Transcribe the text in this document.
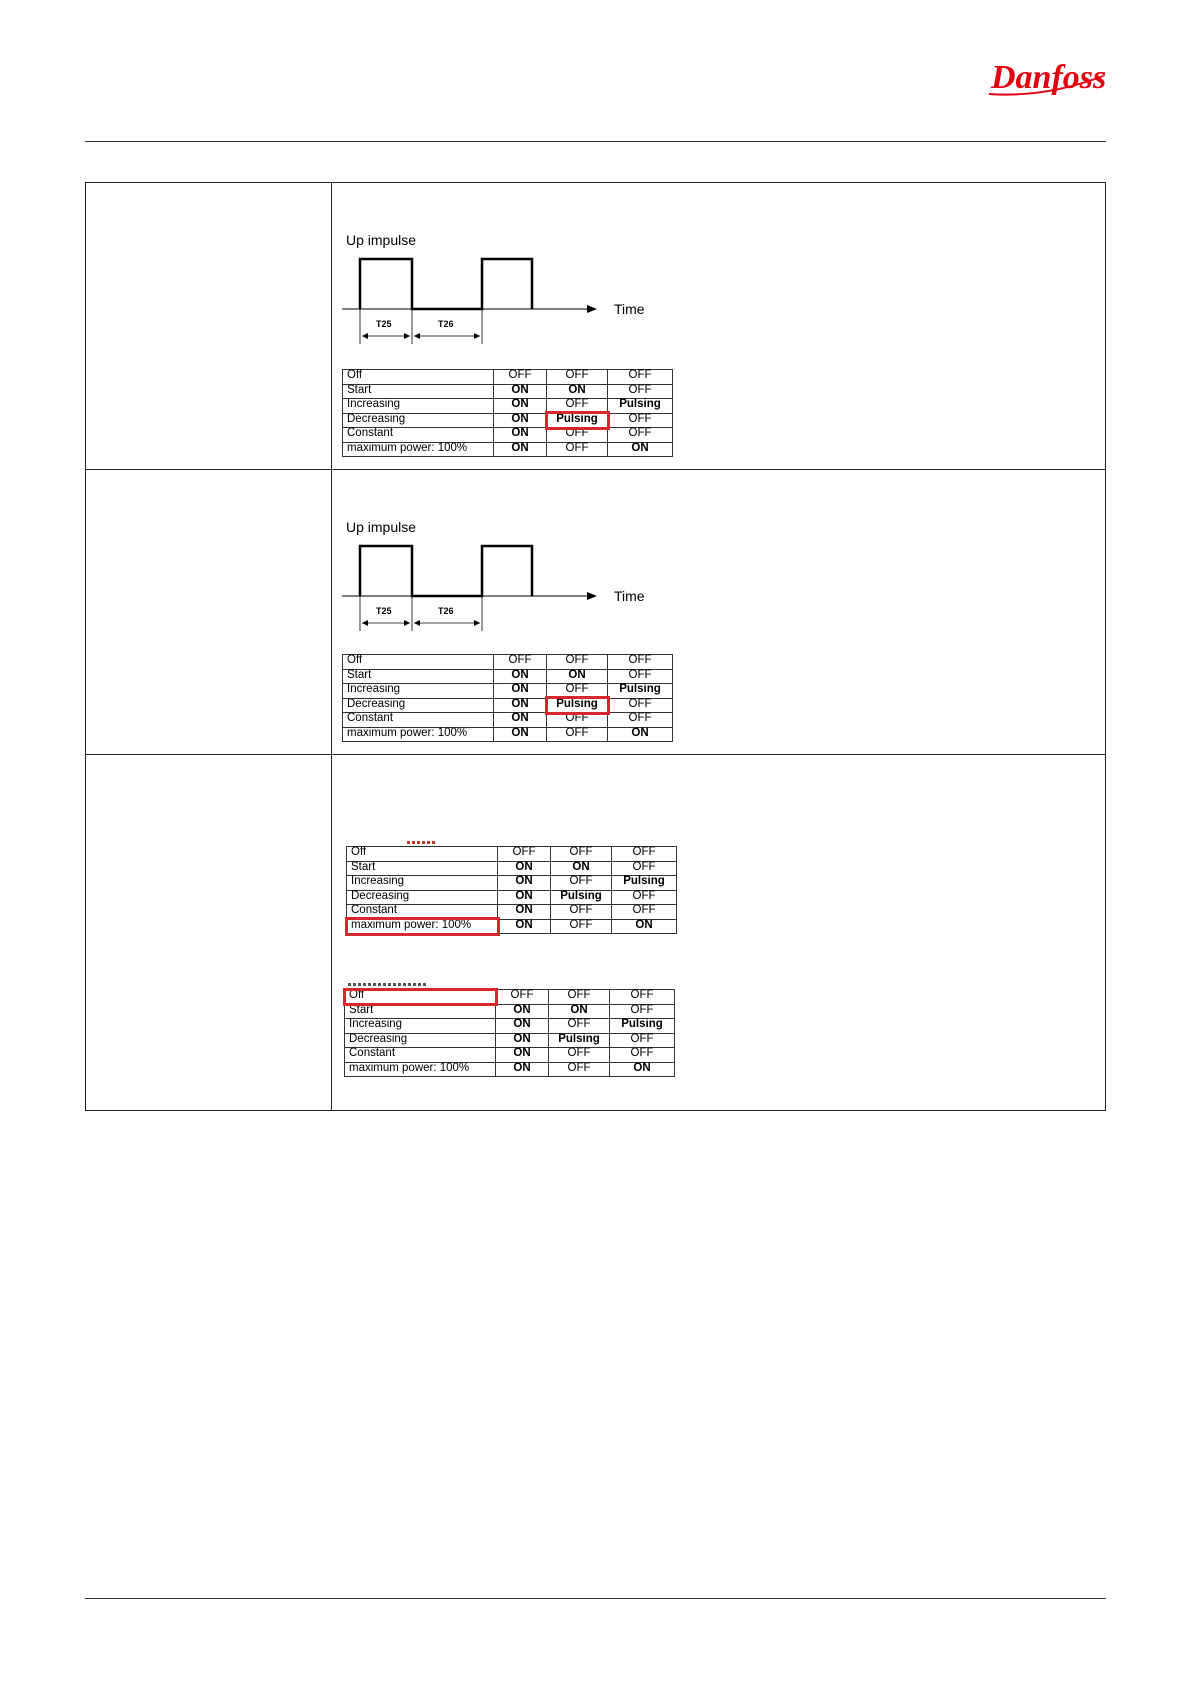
Danfoss

Up impulse
Time
T25	T26
Off	OFF	OFF	OFF
Start	ON	ON	OFF
Increasing	ON	OFF	Pulsing
Decreasing	ON	Pulsing	OFF
Constant	ON	OFF	OFF
maximum power: 100%	ON	OFF	ON

Up impulse
Time
T25	T26
Off	OFF	OFF	OFF
Start	ON	ON	OFF
Increasing	ON	OFF	Pulsing
Decreasing	ON	Pulsing	OFF
Constant	ON	OFF	OFF
maximum power: 100%	ON	OFF	ON

Off	OFF	OFF	OFF
Start	ON	ON	OFF
Increasing	ON	OFF	Pulsing
Decreasing	ON	Pulsing	OFF
Constant	ON	OFF	OFF
maximum power: 100%	ON	OFF	ON
Off	OFF	OFF	OFF
Start	ON	ON	OFF
Increasing	ON	OFF	Pulsing
Decreasing	ON	Pulsing	OFF
Constant	ON	OFF	OFF
maximum power: 100%	ON	OFF	ON
